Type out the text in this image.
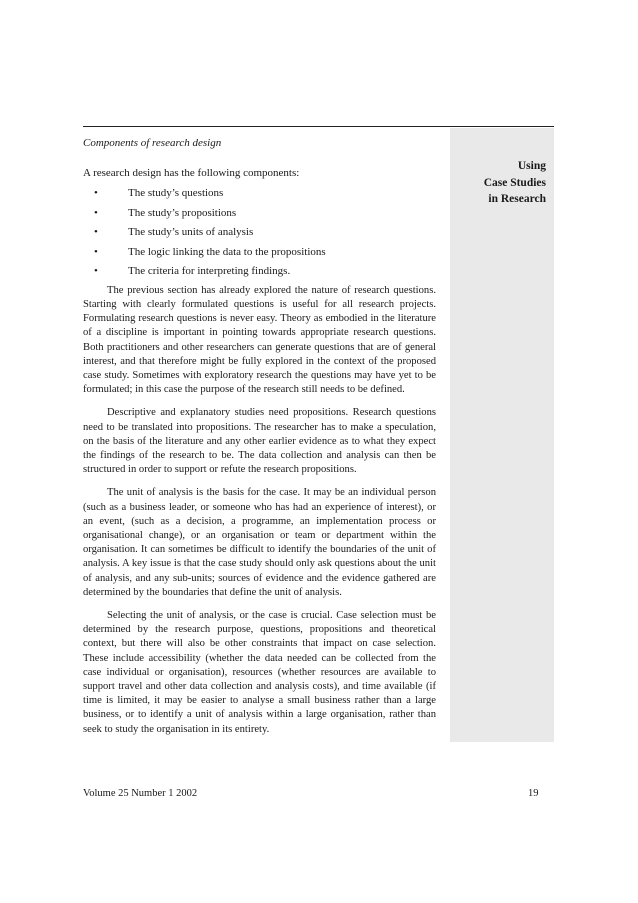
Using
Case Studies
in Research
Components of research design
A research design has the following components:
•	The study’s questions
•	The study’s propositions
•	The study’s units of analysis
•	The logic linking the data to the propositions
•	The criteria for interpreting findings.

The previous section has already explored the nature of research questions. Starting with clearly formulated questions is useful for all research projects. Formulating research questions is never easy. Theory as embodied in the literature of a discipline is important in pointing towards appropriate research questions. Both practitioners and other researchers can generate questions that are of general interest, and that therefore might be fully explored in the context of the proposed case study. Sometimes with exploratory research the questions may have yet to be formulated; in this case the purpose of the research still needs to be defined.

Descriptive and explanatory studies need propositions. Research questions need to be translated into propositions. The researcher has to make a speculation, on the basis of the literature and any other earlier evidence as to what they expect the findings of the research to be. The data collection and analysis can then be structured in order to support or refute the research propositions.

The unit of analysis is the basis for the case. It may be an individual person (such as a business leader, or someone who has had an experience of interest), or an event, (such as a decision, a programme, an implementation process or organisational change), or an organisation or team or department within the organisation. It can sometimes be difficult to identify the boundaries of the unit of analysis. A key issue is that the case study should only ask questions about the unit of analysis, and any sub-units; sources of evidence and the evidence gathered are determined by the boundaries that define the unit of analysis.

Selecting the unit of analysis, or the case is crucial. Case selection must be determined by the research purpose, questions, propositions and theoretical context, but there will also be other constraints that impact on case selection. These include accessibility (whether the data needed can be collected from the case individual or organisation), resources (whether resources are available to support travel and other data collection and analysis costs), and time available (if time is limited, it may be easier to analyse a small business rather than a large business, or to identify a unit of analysis within a large organisation, rather than seek to study the organisation in its entirety.

Volume 25 Number 1 2002	19
